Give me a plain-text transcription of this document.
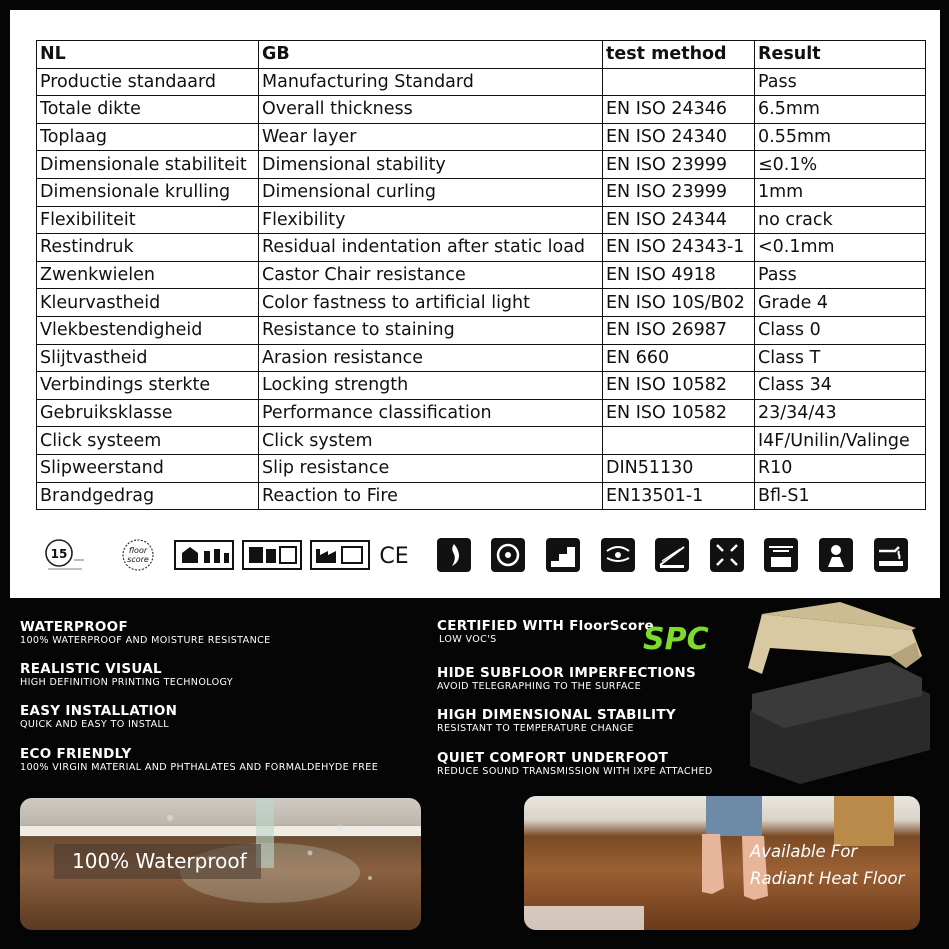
NL	GB	test method	Result
Productie standaard	Manufacturing Standard		Pass
Totale dikte	Overall thickness	EN ISO 24346	6.5mm
Toplaag	Wear layer	EN ISO 24340	0.55mm
Dimensionale stabiliteit	Dimensional stability	EN ISO 23999	≤0.1%
Dimensionale krulling	Dimensional curling	EN ISO 23999	1mm
Flexibiliteit	Flexibility	EN ISO 24344	no crack
Restindruk	Residual indentation after static load	EN ISO 24343-1	<0.1mm
Zwenkwielen	Castor Chair resistance	EN ISO 4918	Pass
Kleurvastheid	Color fastness to artificial light	EN ISO 10S/B02	Grade 4
Vlekbestendigheid	Resistance to staining	EN ISO 26987	Class 0
Slijtvastheid	Arasion resistance	EN 660	Class T
Verbindings sterkte	Locking strength	EN ISO 10582	Class 34
Gebruiksklasse	Performance classification	EN ISO 10582	23/34/43
Click systeem	Click system		I4F/Unilin/Valinge
Slipweerstand	Slip resistance	DIN51130	R10
Brandgedrag	Reaction to Fire	EN13501-1	Bfl-S1
15	floor
score	CE
WATERPROOF
100% WATERPROOF AND MOISTURE RESISTANCE
REALISTIC VISUAL
HIGH DEFINITION PRINTING TECHNOLOGY
EASY INSTALLATION
QUICK AND EASY TO INSTALL
ECO FRIENDLY
100% VIRGIN MATERIAL AND PHTHALATES AND FORMALDEHYDE FREE
CERTIFIED WITH FloorScore
LOW VOC'S
HIDE SUBFLOOR IMPERFECTIONS
AVOID TELEGRAPHING TO THE SURFACE
HIGH DIMENSIONAL STABILITY
RESISTANT TO TEMPERATURE CHANGE
QUIET COMFORT UNDERFOOT
REDUCE SOUND TRANSMISSION WITH IXPE ATTACHED
SPC
100% Waterproof	Available For
Radiant Heat Floor
